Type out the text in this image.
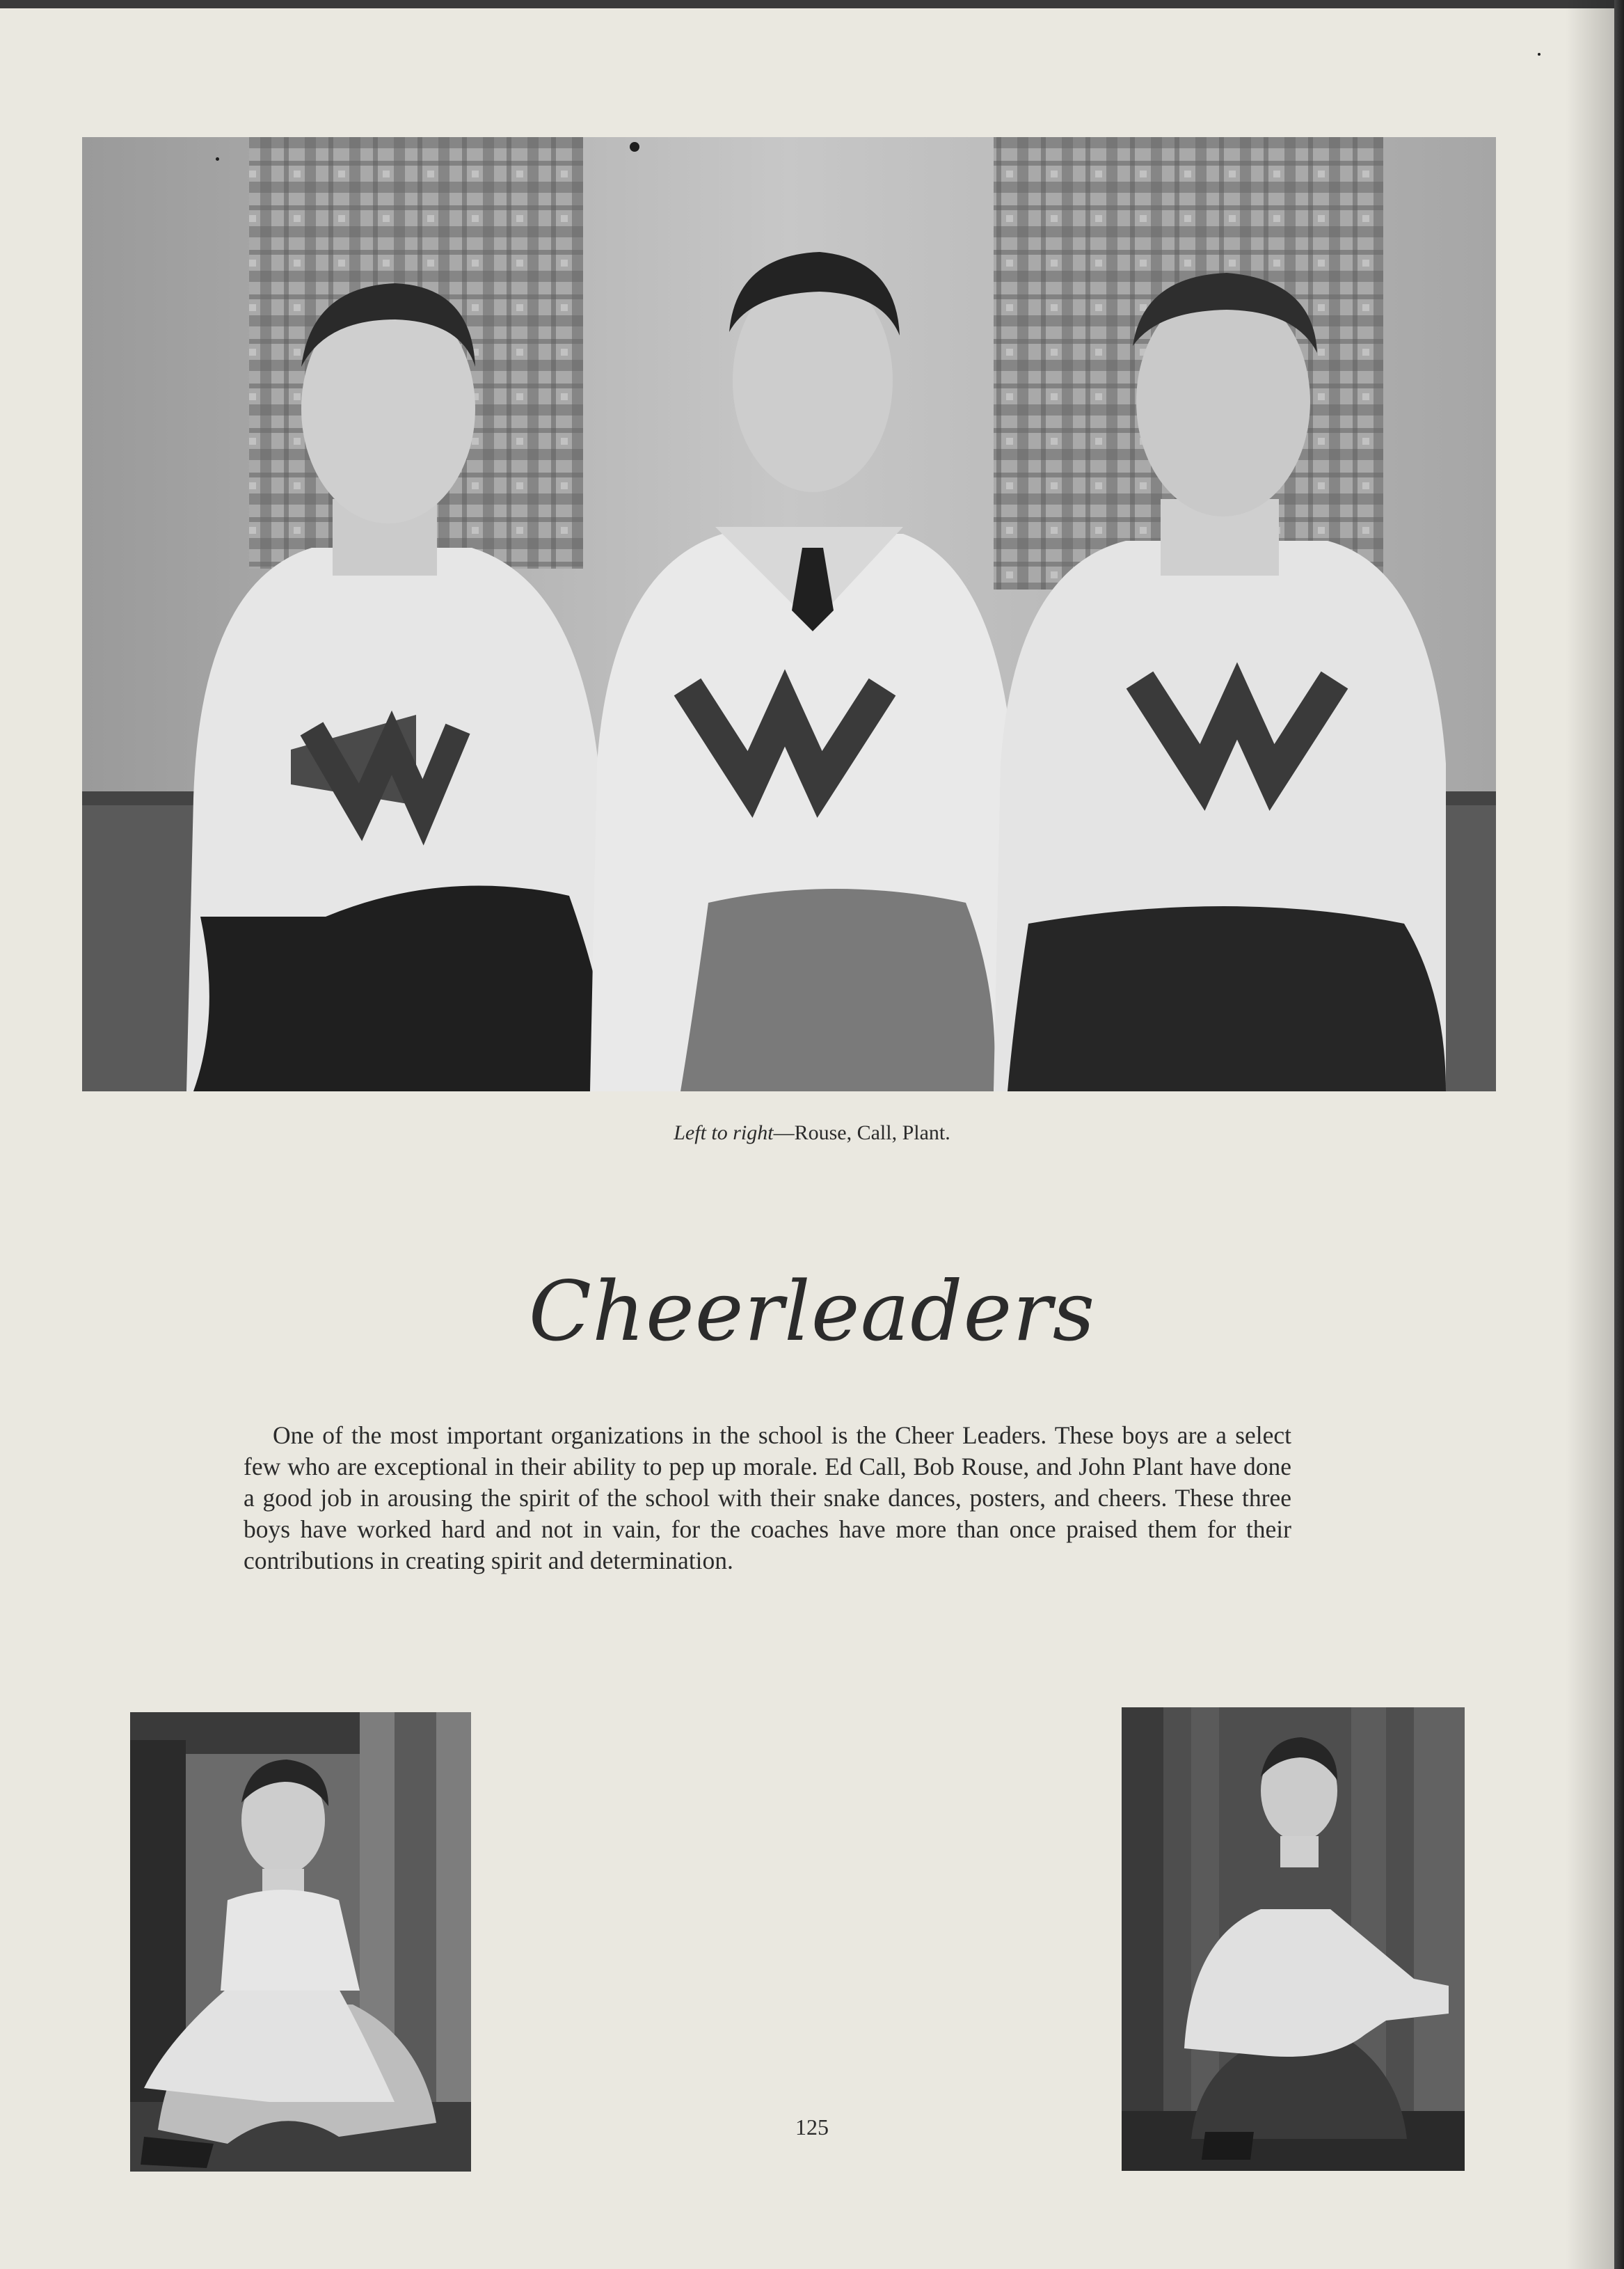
Left to right—Rouse, Call, Plant.
Cheerleaders

One of the most important organizations in the school is the Cheer Leaders. These boys are a select few who are exceptional in their ability to pep up morale. Ed Call, Bob Rouse, and John Plant have done a good job in arousing the spirit of the school with their snake dances, posters, and cheers. These three boys have worked hard and not in vain, for the coaches have more than once praised them for their contributions in creating spirit and determination.

125
